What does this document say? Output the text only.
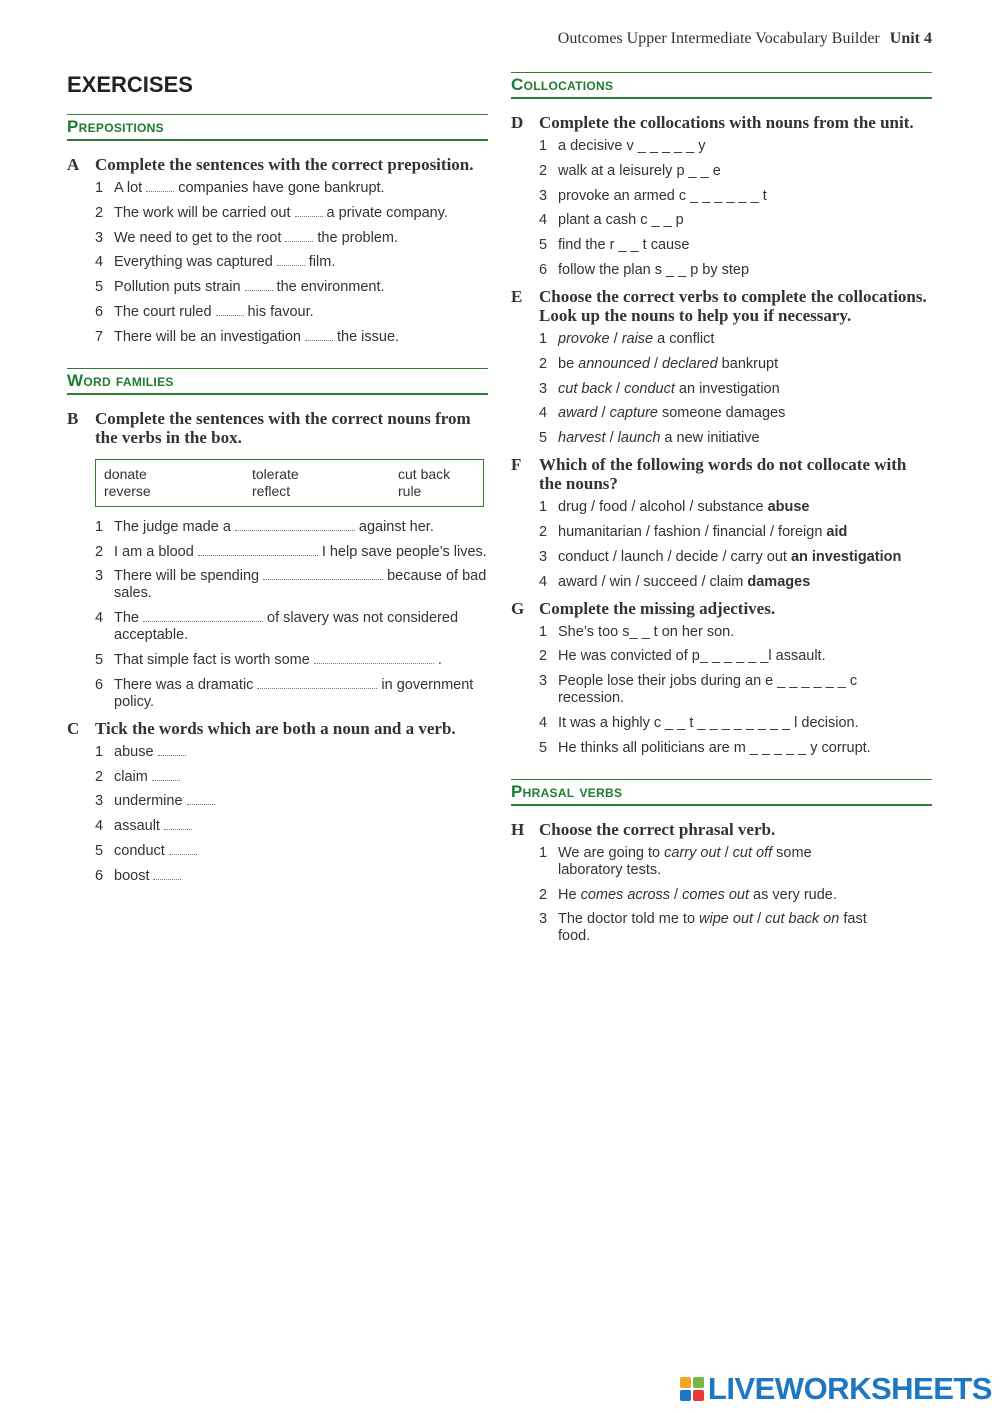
Outcomes Upper Intermediate Vocabulary Builder Unit 4
EXERCISES
Prepositions
A Complete the sentences with the correct preposition.
1 A lot companies have gone bankrupt.
2 The work will be carried out a private company.
3 We need to get to the root the problem.
4 Everything was captured film.
5 Pollution puts strain the environment.
6 The court ruled his favour.
7 There will be an investigation the issue.
Word families
B Complete the sentences with the correct nouns from the verbs in the box.
donate	tolerate	cut back
reverse	reflect	rule
1 The judge made a	against her.
2 I am a blood	I help save people’s lives.
3 There will be spending	because of bad sales.
4 The	of slavery was not considered acceptable.
5 That simple fact is worth some	.
6 There was a dramatic	in government policy.
C Tick the words which are both a noun and a verb.
1 abuse
2 claim
3 undermine
4 assault
5 conduct
6 boost
Collocations
D Complete the collocations with nouns from the unit.
1 a decisive v _ _ _ _ _ y
2 walk at a leisurely p _ _ e
3 provoke an armed c _ _ _ _ _ _ t
4 plant a cash c _ _ p
5 find the r _ _ t cause
6 follow the plan s _ _ p by step
E Choose the correct verbs to complete the collocations. Look up the nouns to help you if necessary.
1 provoke / raise a conflict
2 be announced / declared bankrupt
3 cut back / conduct an investigation
4 award / capture someone damages
5 harvest / launch a new initiative
F	Which of the following words do not collocate with the nouns?
1 drug / food / alcohol / substance abuse
2 humanitarian / fashion / financial / foreign aid
3 conduct / launch / decide / carry out an investigation
4 award / win / succeed / claim damages
G Complete the missing adjectives.
1 She’s too s_ _ t on her son.
2 He was convicted of p_ _ _ _ _ _l assault.
3 People lose their jobs during an e _ _ _ _ _ _ c recession.
4 It was a highly c _ _ t _ _ _ _ _ _ _ _ l decision.
5 He thinks all politicians are m _ _ _ _ _ y corrupt.
Phrasal verbs
H Choose the correct phrasal verb.
1 We are going to carry out / cut off some laboratory tests.
2 He comes across / comes out as very rude.
3 The doctor told me to wipe out / cut back on fast food.
LIVEWORKSHEETS
